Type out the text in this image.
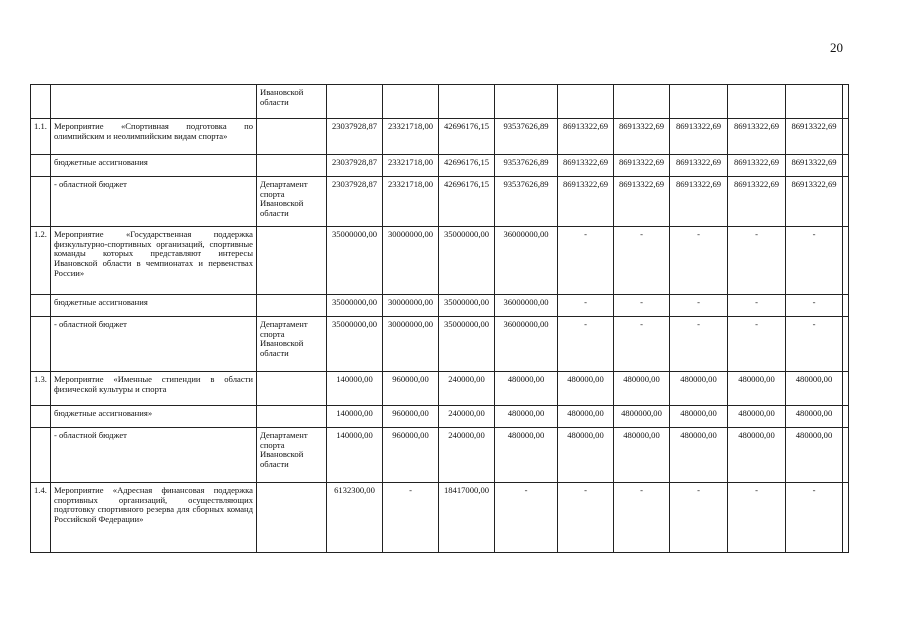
20
		Ивановской области										
1.1.	Мероприятие «Спортивная подготовка по олимпийским и неолимпийским видам спорта»		23037928,87	23321718,00	42696176,15	93537626,89	86913322,69	86913322,69	86913322,69	86913322,69	86913322,69	
	бюджетные ассигнования		23037928,87	23321718,00	42696176,15	93537626,89	86913322,69	86913322,69	86913322,69	86913322,69	86913322,69	
	- областной бюджет	Департамент спорта Ивановской области	23037928,87	23321718,00	42696176,15	93537626,89	86913322,69	86913322,69	86913322,69	86913322,69	86913322,69	
1.2.	Мероприятие «Государственная поддержка физкультурно-спортивных организаций, спортивные команды которых представляют интересы Ивановской области в чемпионатах и первенствах России»		35000000,00	30000000,00	35000000,00	36000000,00	-	-	-	-	-	
	бюджетные ассигнования		35000000,00	30000000,00	35000000,00	36000000,00	-	-	-	-	-	
	- областной бюджет	Департамент спорта Ивановской области	35000000,00	30000000,00	35000000,00	36000000,00	-	-	-	-	-	
1.3.	Мероприятие «Именные стипендии в области физической культуры и спорта		140000,00	960000,00	240000,00	480000,00	480000,00	480000,00	480000,00	480000,00	480000,00	
	бюджетные ассигнования»		140000,00	960000,00	240000,00	480000,00	480000,00	4800000,00	480000,00	480000,00	480000,00	
	- областной бюджет	Департамент спорта Ивановской области	140000,00	960000,00	240000,00	480000,00	480000,00	480000,00	480000,00	480000,00	480000,00	
1.4.	Мероприятие «Адресная финансовая поддержка спортивных организаций, осуществляющих подготовку спортивного резерва для сборных команд Российской Федерации»		6132300,00	-	18417000,00	-	-	-	-	-	-	
